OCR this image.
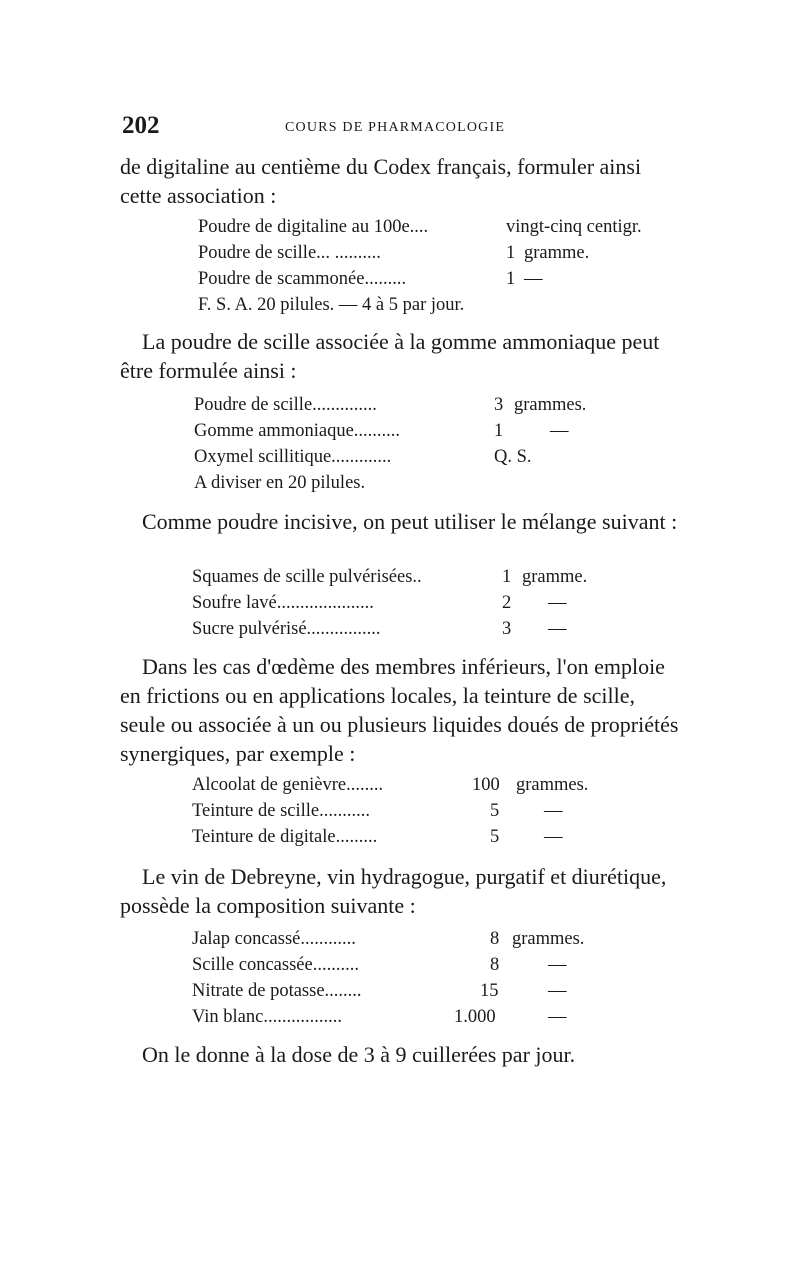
202	COURS DE PHARMACOLOGIE

de digitaline au centième du Codex français, formuler ainsi cette association :

Poudre de digitaline au 100e....	vingt-cinq centigr.
Poudre de scille... ..........	1 gramme.
Poudre de scammonée.........	1 —
F. S. A. 20 pilules. — 4 à 5 par jour.

La poudre de scille associée à la gomme ammoniaque peut être formulée ainsi :

Poudre de scille..............	3 grammes.
Gomme ammoniaque..........	1	—
Oxymel scillitique.............	Q. S.
A diviser en 20 pilules.

Comme poudre incisive, on peut utiliser le mélange suivant :

Squames de scille pulvérisées..	1 gramme.
Soufre lavé.....................	2 —
Sucre pulvérisé................	3 —

Dans les cas d'œdème des membres inférieurs, l'on emploie en frictions ou en applications locales, la teinture de scille, seule ou associée à un ou plusieurs liquides doués de propriétés synergiques, par exemple :

Alcoolat de genièvre........	100 grammes.
Teinture de scille...........	5 —
Teinture de digitale.........	5 —

Le vin de Debreyne, vin hydragogue, purgatif et diurétique, possède la composition suivante :

Jalap concassé............	8 grammes.
Scille concassée..........	8	—
Nitrate de potasse........	15	—
Vin blanc.................	1.000	—

On le donne à la dose de 3 à 9 cuillerées par jour.
